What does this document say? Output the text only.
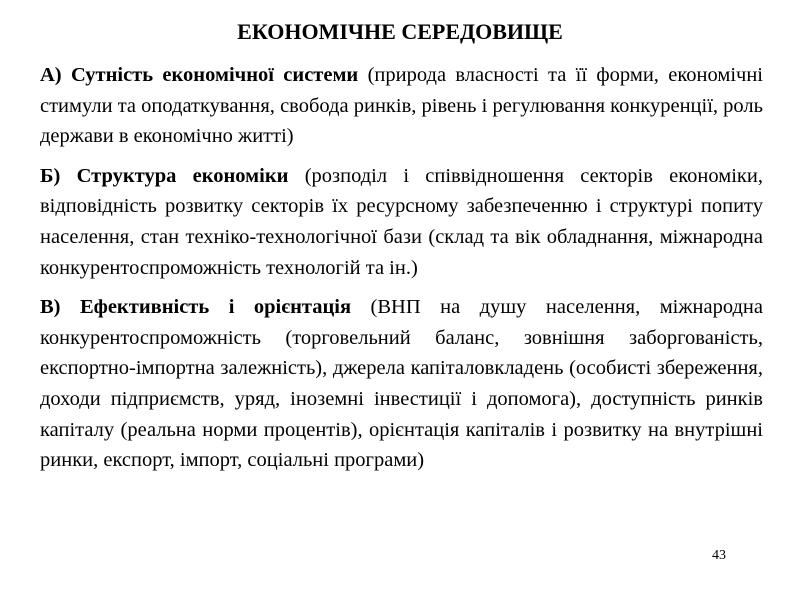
ЕКОНОМІЧНЕ СЕРЕДОВИЩЕ

А) Сутність економічної системи (природа власності та її форми, економічні стимули та оподаткування, свобода ринків, рівень і регулювання конкуренції, роль держави в економічно житті)

Б) Структура економіки (розподіл і співвідношення секторів економіки, відповідність розвитку секторів їх ресурсному забезпеченню і структурі попиту населення, стан техніко-технологічної бази (склад та вік обладнання, міжнародна конкурентоспроможність технологій та ін.)

В) Ефективність і орієнтація (ВНП на душу населення, міжнародна конкурентоспроможність (торговельний баланс, зовнішня заборгованість, експортно-імпортна залежність), джерела капіталовкладень (особисті збереження, доходи підприємств, уряд, іноземні інвестиції і допомога), доступність ринків капіталу (реальна норми процентів), орієнтація капіталів і розвитку на внутрішні ринки, експорт, імпорт, соціальні програми)

43
